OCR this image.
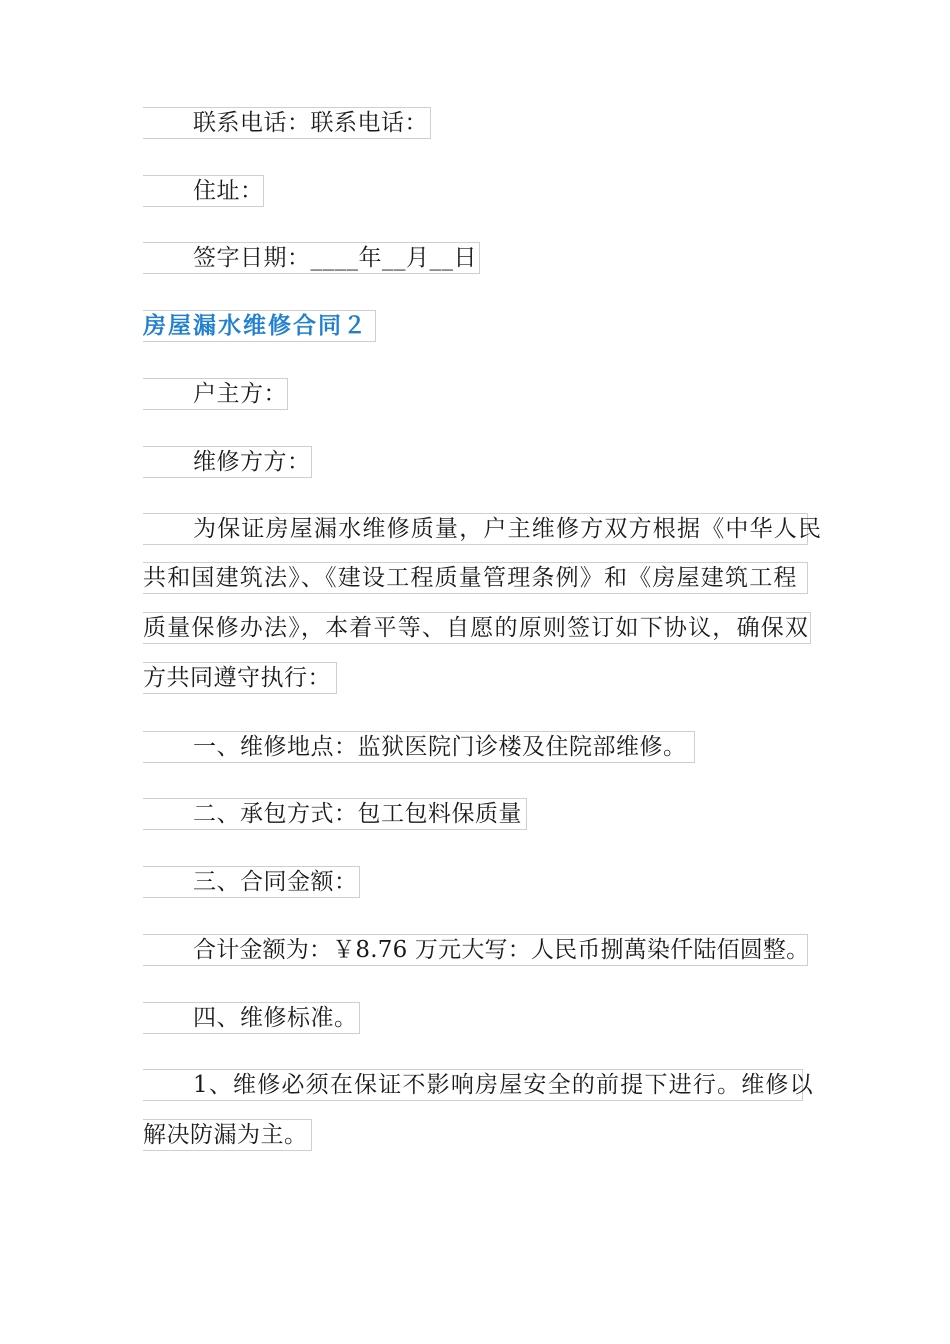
联系电话：联系电话：
住址：
签字日期：____年__月__日
房屋漏水维修合同２
户主方：
维修方方：
为保证房屋漏水维修质量，户主维修方双方根据《中华人民
共和国建筑法》、《建设工程质量管理条例》和《房屋建筑工程
质量保修办法》，本着平等、自愿的原则签订如下协议，确保双
方共同遵守执行：
一、维修地点：监狱医院门诊楼及住院部维修。
二、承包方式：包工包料保质量
三、合同金额：
合计金额为：￥8.76 万元大写：人民币捌萬染仟陆佰圆整。
四、维修标准。
1、维修必须在保证不影响房屋安全的前提下进行。维修以
解决防漏为主。
